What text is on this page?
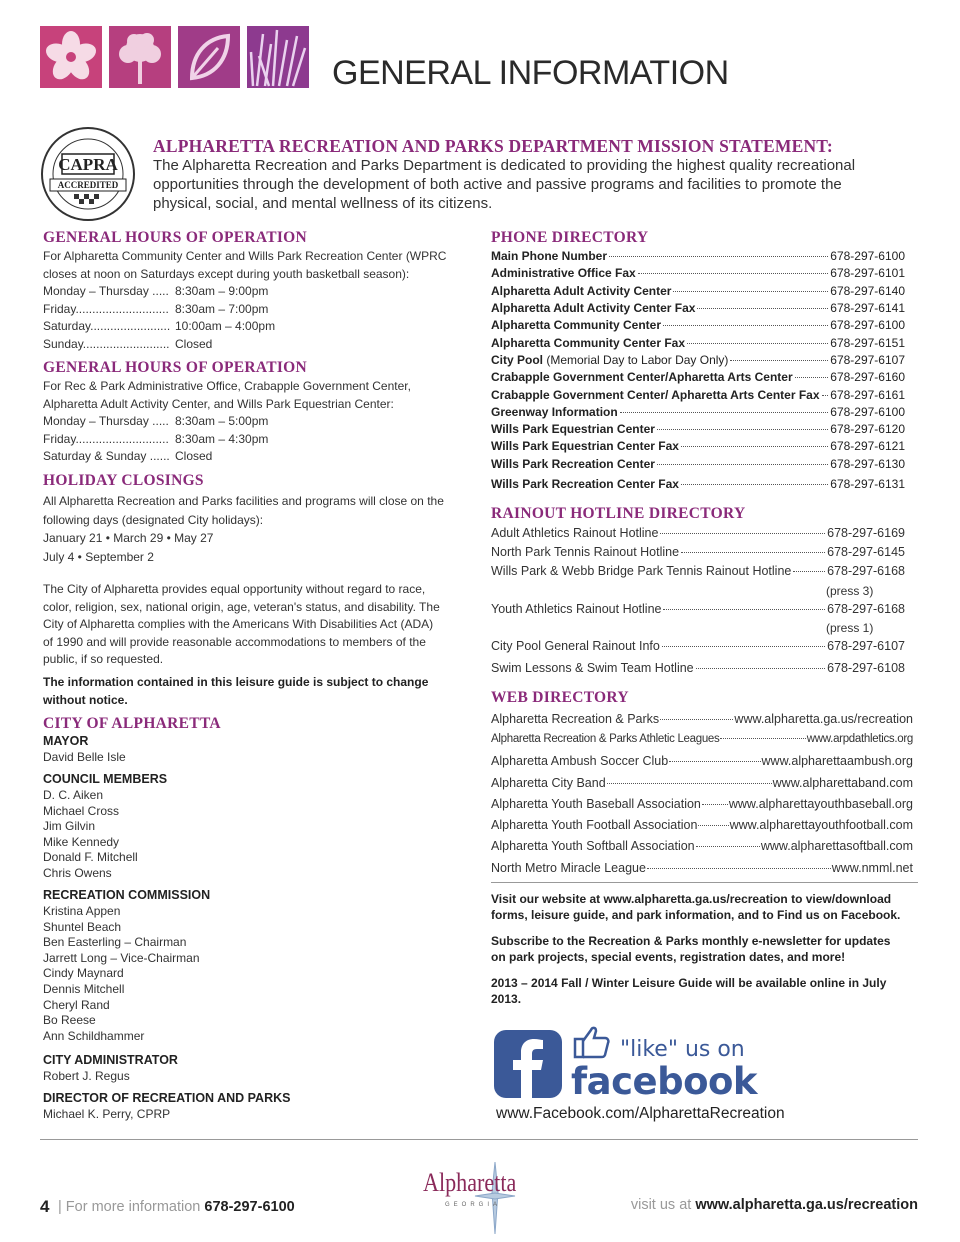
GENERAL INFORMATION
CAPRA
ACCREDITED
ALPHARETTA RECREATION AND PARKS DEPARTMENT MISSION STATEMENT:
The Alpharetta Recreation and Parks Department is dedicated to providing the highest quality recreational
opportunities through the development of both active and passive programs and facilities to promote the
physical, social, and mental wellness of its citizens.
GENERAL HOURS OF OPERATION
For Alpharetta Community Center and Wills Park Recreation Center (WPRC
closes at noon on Saturdays except during youth basketball season):
Monday – Thursday ..... 8:30am – 9:00pm
Friday............................ 8:30am – 7:00pm
Saturday........................ 10:00am – 4:00pm
Sunday.......................... Closed
GENERAL HOURS OF OPERATION
For Rec & Park Administrative Office, Crabapple Government Center,
Alpharetta Adult Activity Center, and Wills Park Equestrian Center:
Monday – Thursday ..... 8:30am – 5:00pm
Friday............................ 8:30am – 4:30pm
Saturday & Sunday ...... Closed
HOLIDAY CLOSINGS
All Alpharetta Recreation and Parks facilities and programs will close on the
following days (designated City holidays):
January 21 • March 29 • May 27
July 4 • September 2
The City of Alpharetta provides equal opportunity without regard to race,
color, religion, sex, national origin, age, veteran's status, and disability. The
City of Alpharetta complies with the Americans With Disabilities Act (ADA)
of 1990 and will provide reasonable accommodations to members of the
public, if so requested.
The information contained in this leisure guide is subject to change
without notice.
CITY OF ALPHARETTA
MAYOR
David Belle Isle
COUNCIL MEMBERS
D. C. Aiken
Michael Cross
Jim Gilvin
Mike Kennedy
Donald F. Mitchell
Chris Owens
RECREATION COMMISSION
Kristina Appen
Shuntel Beach
Ben Easterling – Chairman
Jarrett Long – Vice-Chairman
Cindy Maynard
Dennis Mitchell
Cheryl Rand
Bo Reese
Ann Schildhammer
CITY ADMINISTRATOR
Robert J. Regus
DIRECTOR OF RECREATION AND PARKS
Michael K. Perry, CPRP
PHONE DIRECTORY
Main Phone Number	678-297-6100
Administrative Office Fax	678-297-6101
Alpharetta Adult Activity Center	678-297-6140
Alpharetta Adult Activity Center Fax	678-297-6141
Alpharetta Community Center	678-297-6100
Alpharetta Community Center Fax	678-297-6151
City Pool (Memorial Day to Labor Day Only)	678-297-6107
Crabapple Government Center/Apharetta Arts Center	678-297-6160
Crabapple Government Center/ Apharetta Arts Center Fax 678-297-6161
Greenway Information	678-297-6100
Wills Park Equestrian Center	678-297-6120
Wills Park Equestrian Center Fax	678-297-6121
Wills Park Recreation Center	678-297-6130
Wills Park Recreation Center Fax	678-297-6131
RAINOUT HOTLINE DIRECTORY
Adult Athletics Rainout Hotline	678-297-6169
North Park Tennis Rainout Hotline	678-297-6145
Wills Park & Webb Bridge Park Tennis Rainout Hotline	678-297-6168
(press 3)
Youth Athletics Rainout Hotline	678-297-6168
(press 1)
City Pool General Rainout Info	678-297-6107
Swim Lessons & Swim Team Hotline	678-297-6108
WEB DIRECTORY
Alpharetta Recreation & Parks	www.alpharetta.ga.us/recreation
Alpharetta Recreation & Parks Athletic Leagues	www.arpdathletics.org
Alpharetta Ambush Soccer Club	www.alpharettaambush.org
Alpharetta City Band	www.alpharettaband.com
Alpharetta Youth Baseball Association www.alpharettayouthbaseball.org
Alpharetta Youth Football Association	www.alpharettayouthfootball.com
Alpharetta Youth Softball Association	www.alpharettasoftball.com
North Metro Miracle League	www.nmml.net
Visit our website at www.alpharetta.ga.us/recreation to view/download
forms, leisure guide, and park information, and to Find us on Facebook.
Subscribe to the Recreation & Parks monthly e-newsletter for updates
on park projects, special events, registration dates, and more!
2013 – 2014 Fall / Winter Leisure Guide will be available online in July
2013.
"like" us on
facebook
www.Facebook.com/AlpharettaRecreation
4 | For more information 678-297-6100
Alpharetta
GEORGIA	visit us at www.alpharetta.ga.us/recreation
